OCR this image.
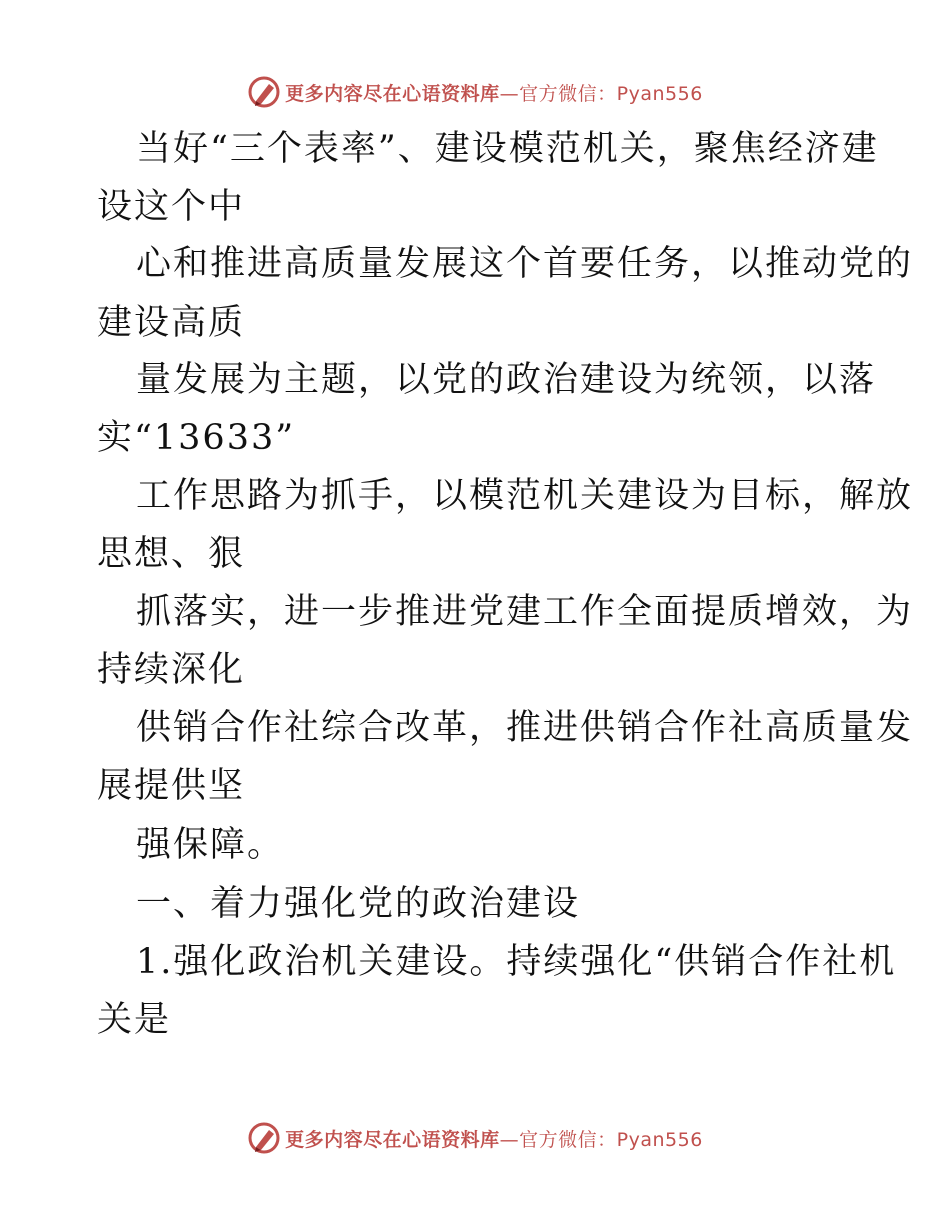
更多内容尽在心语资料库 —官方微信：Pyan556

当好“三个表率”、建设模范机关，聚焦经济建

设这个中

心和推进高质量发展这个首要任务，以推动党的

建设高质

量发展为主题，以党的政治建设为统领，以落

实“13633”

工作思路为抓手，以模范机关建设为目标，解放

思想、狠

抓落实，进一步推进党建工作全面提质增效，为

持续深化

供销合作社综合改革，推进供销合作社高质量发

展提供坚

强保障。

一、着力强化党的政治建设

1.强化政治机关建设。持续强化“供销合作社机

关是

更多内容尽在心语资料库 —官方微信：Pyan556
